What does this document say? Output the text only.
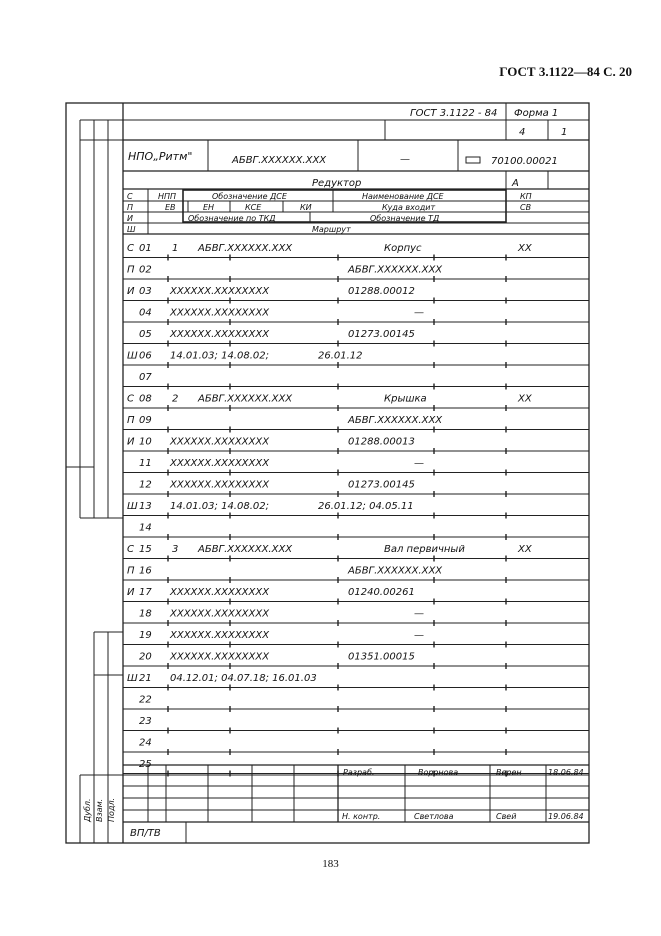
ГОСТ 3.1122—84 С. 20
С 01 1 АБВГ.XXXXXX.XXX	Корпус	XX
П 02	АБВГ.XXXXXX.XXX
И 03 XXXXXX.XXXXXXXX	01288.00012
04 XXXXXX.XXXXXXXX	—
05 XXXXXX.XXXXXXXX	01273.00145
Ш 06 14.01.03; 14.08.02;	26.01.12
07
С 08 2 АБВГ.XXXXXX.XXX	Крышка	XX
П 09	АБВГ.XXXXXX.XXX
И 10 XXXXXX.XXXXXXXX	01288.00013
11 XXXXXX.XXXXXXXX	—
12 XXXXXX.XXXXXXXX	01273.00145
Ш 13 14.01.03; 14.08.02;	26.01.12; 04.05.11
14
С 15 3 АБВГ.XXXXXX.XXX	Вал первичный	XX
П 16	АБВГ.XXXXXX.XXX
И 17 XXXXXX.XXXXXXXX	01240.00261
18 XXXXXX.XXXXXXXX	—
19 XXXXXX.XXXXXXXX	—
20 XXXXXX.XXXXXXXX	01351.00015
Ш 21 04.12.01; 04.07.18; 16.01.03
22
23
24
25
ГОСТ 3.1122 - 84 Форма 1
4	1
НПО„Ритм"	АБВГ.XXXXXX.XXX	—	70100.00021
Редуктор	А
С	НПП	Обозначение ДСЕ	Наименование ДСЕ	КП
П	ЕВ	ЕН	КСЕ	КИ	Куда входит	СВ
И	Обозначение по ТКД	Обозначение ТД
Ш	Маршрут
Разраб.	Воронова	Верен	18.06.84
Н. контр.	Светлова	Свей	19.06.84
Дубл. Взам. Подл.
ВП/ТВ
183
